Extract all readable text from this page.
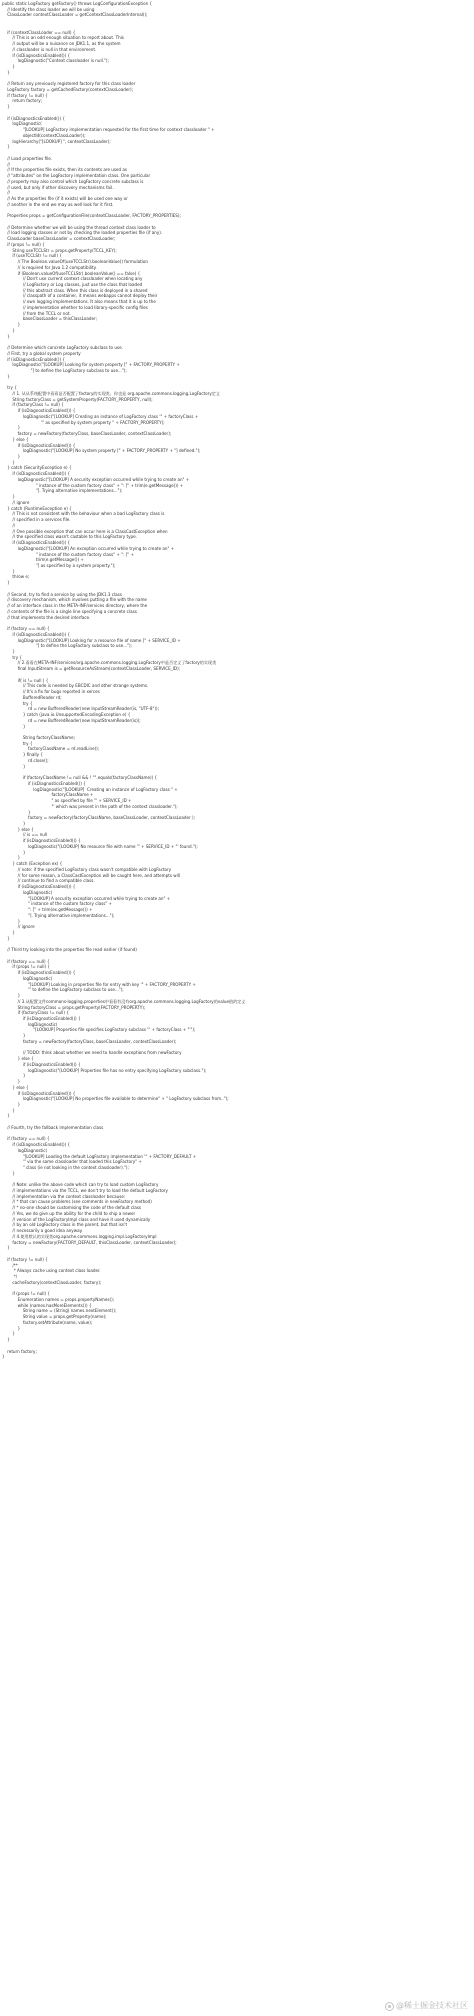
public static LogFactory getFactory() throws LogConfigurationException {
// Identify the class loader we will be using
ClassLoader contextClassLoader = getContextClassLoaderInternal();
if (contextClassLoader == null) {
// This is an odd enough situation to report about. This
// output will be a nuisance on JDK1.1, as the system
// classloader is null in that environment.
if (isDiagnosticsEnabled()) {
logDiagnostic("Context classloader is null.");
}
}
// Return any previously registered factory for this class loader
LogFactory factory = getCachedFactory(contextClassLoader);
if (factory != null) {
return factory;
}
if (isDiagnosticsEnabled()) {
logDiagnostic(
"[LOOKUP] LogFactory implementation requested for the first time for context classloader " +
objectId(contextClassLoader));
logHierarchy("[LOOKUP] ", contextClassLoader);
}
// Load properties file.
//
// If the properties file exists, then its contents are used as
// "attributes" on the LogFactory implementation class. One particular
// property may also control which LogFactory concrete subclass is
// used, but only if other discovery mechanisms fail..
//
// As the properties file (if it exists) will be used one way or
// another in the end we may as well look for it first.
Properties props = getConfigurationFile(contextClassLoader, FACTORY_PROPERTIES);
// Determine whether we will be using the thread context class loader to
// load logging classes or not by checking the loaded properties file (if any).
ClassLoader baseClassLoader = contextClassLoader;
if (props != null) {
String useTCCLStr = props.getProperty(TCCL_KEY);
if (useTCCLStr != null) {
// The Boolean.valueOf(useTCCLStr).booleanValue() formulation
// is required for Java 1.2 compatibility.
if (Boolean.valueOf(useTCCLStr).booleanValue() == false) {
// Don't use current context classloader when locating any
// LogFactory or Log classes, just use the class that loaded
// this abstract class. When this class is deployed in a shared
// classpath of a container, it means webapps cannot deploy their
// own logging implementations. It also means that it is up to the
// implementation whether to load library-specific config files
// from the TCCL or not.
baseClassLoader = thisClassLoader;
}
}
}
// Determine which concrete LogFactory subclass to use.
// First, try a global system property
if (isDiagnosticsEnabled()) {
logDiagnostic("[LOOKUP] Looking for system property [" + FACTORY_PROPERTY +
"] to define the LogFactory subclass to use...");
}
try {
// 1. 从从系统配置中看看是否配置了factory的实现类，你也是 org.apache.commons.logging.LogFactory定义
String factoryClass = getSystemProperty(FACTORY_PROPERTY, null);
if (factoryClass != null) {
if (isDiagnosticsEnabled()) {
logDiagnostic("[LOOKUP] Creating an instance of LogFactory class '" + factoryClass +
"' as specified by system property " + FACTORY_PROPERTY);
}
factory = newFactory(factoryClass, baseClassLoader, contextClassLoader);
} else {
if (isDiagnosticsEnabled()) {
logDiagnostic("[LOOKUP] No system property [" + FACTORY_PROPERTY + "] defined.");
}
}
} catch (SecurityException e) {
if (isDiagnosticsEnabled()) {
logDiagnostic("[LOOKUP] A security exception occurred while trying to create an" +
" instance of the custom factory class" + ": [" + trim(e.getMessage()) +
"]. Trying alternative implementations...");
}
// ignore
} catch (RuntimeException e) {
// This is not consistent with the behaviour when a bad LogFactory class is
// specified in a services file.
//
// One possible exception that can occur here is a ClassCastException when
// the specified class wasn't castable to this LogFactory type.
if (isDiagnosticsEnabled()) {
logDiagnostic("[LOOKUP] An exception occurred while trying to create an" +
" instance of the custom factory class" + ": [" +
trim(e.getMessage()) +
"] as specified by a system property.");
}
throw e;
}
// Second, try to find a service by using the JDK1.3 class
// discovery mechanism, which involves putting a file with the name
// of an interface class in the META-INF/services directory, where the
// contents of the file is a single line specifying a concrete class
// that implements the desired interface.
if (factory == null) {
if (isDiagnosticsEnabled()) {
logDiagnostic("[LOOKUP] Looking for a resource file of name [" + SERVICE_ID +
"] to define the LogFactory subclass to use...");
}
try {
// 2.看看在META-INF/services/org.apache.commons.logging.LogFactory中是否定义了factory的实现类
final InputStream is = getResourceAsStream(contextClassLoader, SERVICE_ID);
if( is != null ) {
// This code is needed by EBCDIC and other strange systems.
// It's a fix for bugs reported in xerces
BufferedReader rd;
try {
rd = new BufferedReader(new InputStreamReader(is, "UTF-8"));
} catch (java.io.UnsupportedEncodingException e) {
rd = new BufferedReader(new InputStreamReader(is));
}
String factoryClassName;
try {
factoryClassName = rd.readLine();
} finally {
rd.close();
}
if (factoryClassName != null && ! "".equals(factoryClassName)) {
if (isDiagnosticsEnabled()) {
logDiagnostic("[LOOKUP]  Creating an instance of LogFactory class " +
factoryClassName +
" as specified by file '" + SERVICE_ID +
"' which was present in the path of the context classloader.");
}
factory = newFactory(factoryClassName, baseClassLoader, contextClassLoader );
}
} else {
// is == null
if (isDiagnosticsEnabled()) {
logDiagnostic("[LOOKUP] No resource file with name '" + SERVICE_ID + "' found.");
}
}
} catch (Exception ex) {
// note: if the specified LogFactory class wasn't compatible with LogFactory
// for some reason, a ClassCastException will be caught here, and attempts will
// continue to find a compatible class.
if (isDiagnosticsEnabled()) {
logDiagnostic(
"[LOOKUP] A security exception occurred while trying to create an" +
" instance of the custom factory class" +
": [" + trim(ex.getMessage()) +
"]. Trying alternative implementations...");
}
// ignore
}
}
// Third try looking into the properties file read earlier (if found)
if (factory == null) {
if (props != null) {
if (isDiagnosticsEnabled()) {
logDiagnostic(
"[LOOKUP] Looking in properties file for entry with key '" + FACTORY_PROPERTY +
"' to define the LogFactory subclass to use...");
}
// 3.从配置文件commons-logging.properties中看看有没有org.apache.commons.logging.LogFactory的value值的定义
String factoryClass = props.getProperty(FACTORY_PROPERTY);
if (factoryClass != null) {
if (isDiagnosticsEnabled()) {
logDiagnostic(
"[LOOKUP] Properties file specifies LogFactory subclass '" + factoryClass + "'");
}
factory = newFactory(factoryClass, baseClassLoader, contextClassLoader);
// TODO: think about whether we need to handle exceptions from newFactory
} else {
if (isDiagnosticsEnabled()) {
logDiagnostic("[LOOKUP] Properties file has no entry specifying LogFactory subclass.");
}
}
} else {
if (isDiagnosticsEnabled()) {
logDiagnostic("[LOOKUP] No properties file available to determine" + " LogFactory subclass from..");
}
}
}
// Fourth, try the fallback implementation class
if (factory == null) {
if (isDiagnosticsEnabled()) {
logDiagnostic(
"[LOOKUP] Loading the default LogFactory implementation '" + FACTORY_DEFAULT +
"' via the same classloader that loaded this LogFactory" +
" class (ie not looking in the context classloader).");
}
// Note: unlike the above code which can try to load custom LogFactory
// implementations via the TCCL, we don't try to load the default LogFactory
// implementation via the context classloader because:
// * that can cause problems (see comments in newFactory method)
// * no-one should be customising the code of the default class
// Yes, we do give up the ability for the child to ship a newer
// version of the LogFactoryImpl class and have it used dynamically
// by an old LogFactory class in the parent, but that isn't
// necessarily a good idea anyway.
// 4.使用默认的实现类org.apache.commons.logging.impl.LogFactoryImpl
factory = newFactory(FACTORY_DEFAULT, thisClassLoader, contextClassLoader);
}
if (factory != null) {
/**
* Always cache using context class loader.
*/
cacheFactory(contextClassLoader, factory);
if (props != null) {
Enumeration names = props.propertyNames();
while (names.hasMoreElements()) {
String name = (String) names.nextElement();
String value = props.getProperty(name);
factory.setAttribute(name, value);
}
}
}
return factory;
}
@稀土掘金技术社区
